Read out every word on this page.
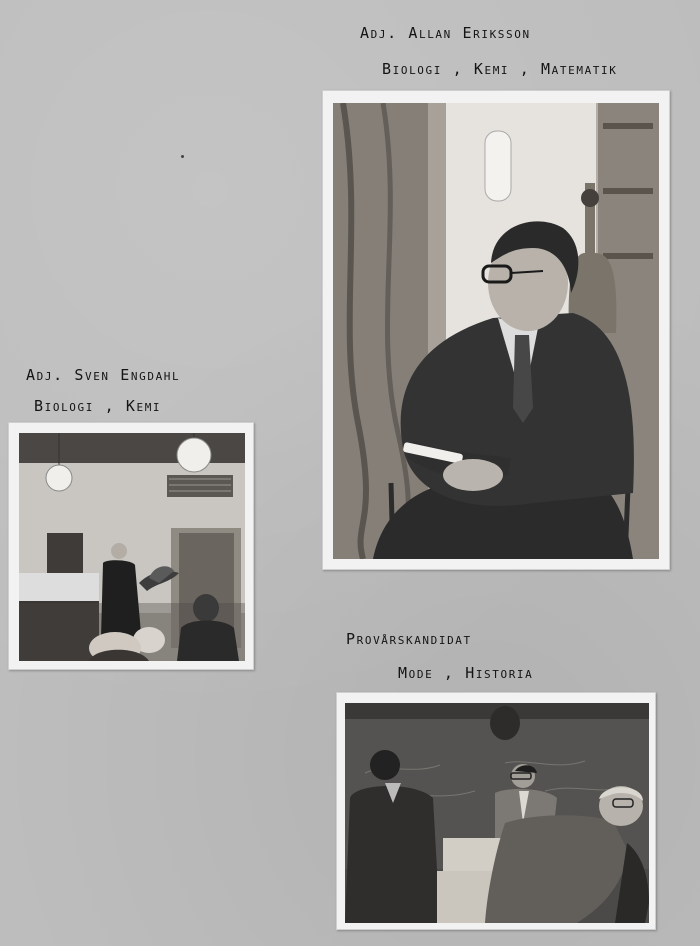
Adj. Allan Eriksson
Biologi , Kemi , Matematik
Adj. Sven Engdahl
Biologi , Kemi
Provårskandidat
Mode , Historia
